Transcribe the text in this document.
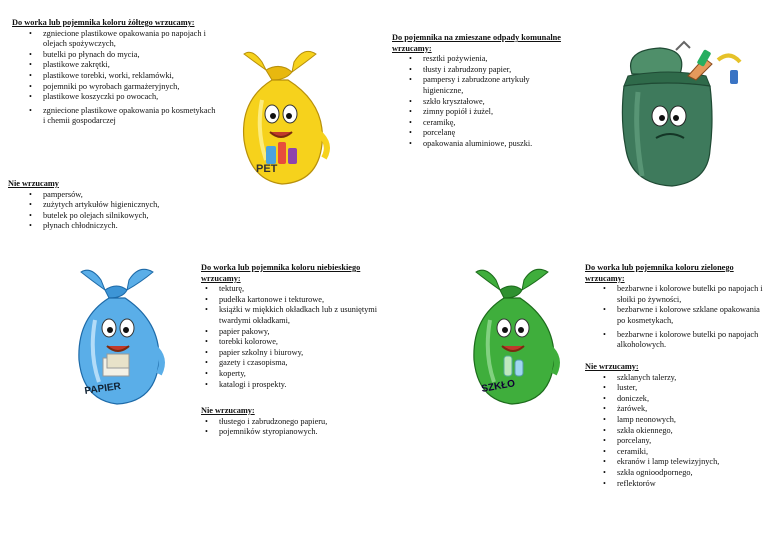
Do worka lub pojemnika koloru żółtego wrzucamy:
• zgniecione plastikowe opakowania po napojach i olejach spożywczych,
• butelki po płynach do mycia,
• plastikowe zakrętki,
• plastikowe torebki, worki, reklamówki,
• pojemniki po wyrobach garmażeryjnych,
• plastikowe koszyczki po owocach,
• zgniecione plastikowe opakowania po kosmetykach i chemii gospodarczej
Nie wrzucamy
• pampersów,
• zużytych artykułów higienicznych,
• butelek po olejach silnikowych,
• płynach chłodniczych.
PET
Do pojemnika na zmieszane odpady komunalne wrzucamy:
• resztki pożywienia,
• tłusty i zabrudzony papier,
• pampersy i zabrudzone artykuły higieniczne,
• szkło kryształowe,
• zimny popiół i żużel,
• ceramikę,
• porcelanę
• opakowania aluminiowe, puszki.
Do worka lub pojemnika koloru niebieskiego wrzucamy:
• tekturę,
• pudełka kartonowe i tekturowe,
• książki w miękkich okładkach lub z usuniętymi twardymi okładkami,
• papier pakowy,
• torebki kolorowe,
• papier szkolny i biurowy,
• gazety i czasopisma,
• koperty,
• katalogi i prospekty.
Nie wrzucamy:
• tłustego i zabrudzonego papieru,
• pojemników styropianowych.
PAPIER
Do worka lub pojemnika koloru zielonego wrzucamy:
• bezbarwne i kolorowe butelki po napojach i słoiki po żywności,
• bezbarwne i kolorowe szklane opakowania po kosmetykach,
• bezbarwne i kolorowe butelki po napojach alkoholowych.
Nie wrzucamy:
• szklanych talerzy,
• luster,
• doniczek,
• żarówek,
• lamp neonowych,
• szkła okiennego,
• porcelany,
• ceramiki,
• ekranów i lamp telewizyjnych,
• szkła ognioodpornego,
• reflektorów
SZKŁO
